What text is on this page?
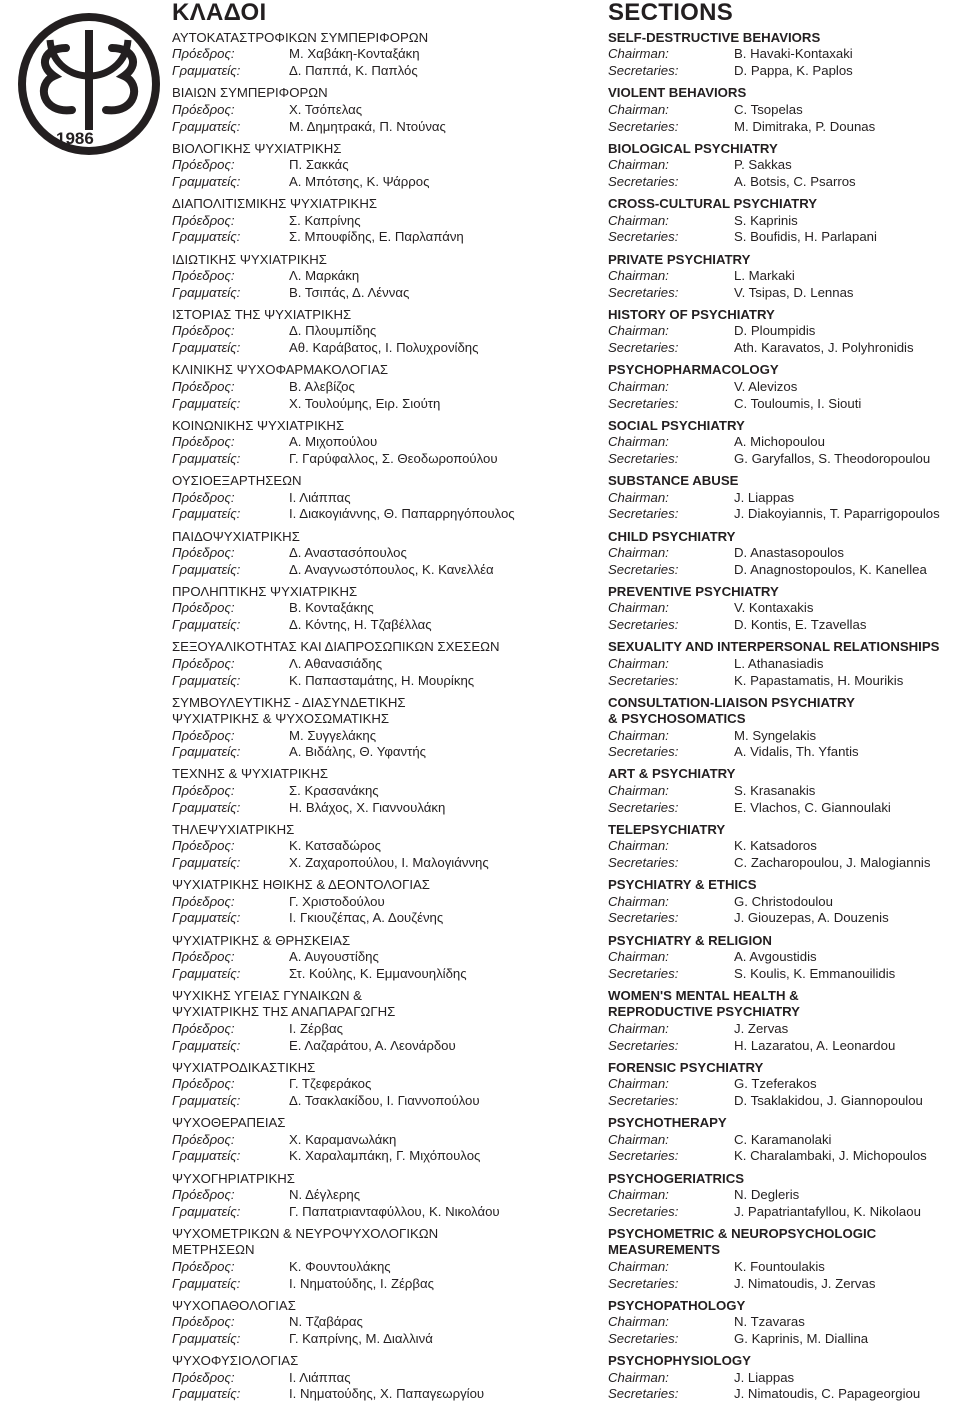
1986
ΚΛΑΔΟΙ
ΑΥΤΟΚΑΤΑΣΤΡΟΦΙΚΩΝ ΣΥΜΠΕΡΙΦΟΡΩΝ
Πρόεδρος:	Μ. Χαβάκη-Κονταξάκη
Γραμματείς:	Δ. Παππά, Κ. Παπλός
ΒΙΑΙΩΝ ΣΥΜΠΕΡΙΦΟΡΩΝ
Πρόεδρος:	Χ. Τσόπελας
Γραμματείς:	Μ. Δημητρακά, Π. Ντούνας
ΒΙΟΛΟΓΙΚΗΣ ΨΥΧΙΑΤΡΙΚΗΣ
Πρόεδρος:	Π. Σακκάς
Γραμματείς:	Α. Μπότσης, Κ. Ψάρρος
ΔΙΑΠΟΛΙΤΙΣΜΙΚΗΣ ΨΥΧΙΑΤΡΙΚΗΣ
Πρόεδρος:	Σ. Καπρίνης
Γραμματείς:	Σ. Μπουφίδης, Ε. Παρλαπάνη
ΙΔΙΩΤΙΚΗΣ ΨΥΧΙΑΤΡΙΚΗΣ
Πρόεδρος:	Λ. Μαρκάκη
Γραμματείς:	Β. Τσιπάς, Δ. Λέννας
ΙΣΤΟΡΙΑΣ ΤΗΣ ΨΥΧΙΑΤΡΙΚΗΣ
Πρόεδρος:	Δ. Πλουμπίδης
Γραμματείς:	Αθ. Καράβατος, Ι. Πολυχρονίδης
ΚΛΙΝΙΚΗΣ ΨΥΧΟΦΑΡΜΑΚΟΛΟΓΙΑΣ
Πρόεδρος:	Β. Αλεβίζος
Γραμματείς:	Χ. Τουλούμης, Ειρ. Σιούτη
ΚΟΙΝΩΝΙΚΗΣ ΨΥΧΙΑΤΡΙΚΗΣ
Πρόεδρος:	Α. Μιχοπούλου
Γραμματείς:	Γ. Γαρύφαλλος, Σ. Θεοδωροπούλου
ΟΥΣΙΟΕΞΑΡΤΗΣΕΩΝ
Πρόεδρος:	Ι. Λιάππας
Γραμματείς:	Ι. Διακογιάννης, Θ. Παπαρρηγόπουλος
ΠΑΙΔΟΨΥΧΙΑΤΡΙΚΗΣ
Πρόεδρος:	Δ. Αναστασόπουλος
Γραμματείς:	Δ. Αναγνωστόπουλος, Κ. Κανελλέα
ΠΡΟΛΗΠΤΙΚΗΣ ΨΥΧΙΑΤΡΙΚΗΣ
Πρόεδρος:	Β. Κονταξάκης
Γραμματείς:	Δ. Κόντης, Η. Τζαβέλλας
ΣΕΞΟΥΑΛΙΚΟΤΗΤΑΣ ΚΑΙ ΔΙΑΠΡΟΣΩΠΙΚΩΝ ΣΧΕΣΕΩΝ
Πρόεδρος:	Λ. Αθανασιάδης
Γραμματείς:	Κ. Παπασταμάτης, Η. Μουρίκης
ΣΥΜΒΟΥΛΕΥΤΙΚΗΣ - ΔΙΑΣΥΝΔΕΤΙΚΗΣ
ΨΥΧΙΑΤΡΙΚΗΣ & ΨΥΧΟΣΩΜΑΤΙΚΗΣ
Πρόεδρος:	Μ. Συγγελάκης
Γραμματείς:	Α. Βιδάλης, Θ. Υφαντής
ΤΕΧΝΗΣ & ΨΥΧΙΑΤΡΙΚΗΣ
Πρόεδρος:	Σ. Κρασανάκης
Γραμματείς:	Η. Βλάχος, Χ. Γιαννουλάκη
ΤΗΛΕΨΥΧΙΑΤΡΙΚΗΣ
Πρόεδρος:	Κ. Κατσαδώρος
Γραμματείς:	Χ. Ζαχαροπούλου, Ι. Μαλογιάννης
ΨΥΧΙΑΤΡΙΚΗΣ ΗΘΙΚΗΣ & ΔΕΟΝΤΟΛΟΓΙΑΣ
Πρόεδρος:	Γ. Χριστοδούλου
Γραμματείς:	Ι. Γκιουζέπας, Α. Δουζένης
ΨΥΧΙΑΤΡΙΚΗΣ & ΘΡΗΣΚΕΙΑΣ
Πρόεδρος:	Α. Αυγουστίδης
Γραμματείς:	Στ. Κούλης, Κ. Εμμανουηλίδης
ΨΥΧΙΚΗΣ ΥΓΕΙΑΣ ΓΥΝΑΙΚΩΝ &
ΨΥΧΙΑΤΡΙΚΗΣ ΤΗΣ ΑΝΑΠΑΡΑΓΩΓΗΣ
Πρόεδρος:	Ι. Ζέρβας
Γραμματείς:	Ε. Λαζαράτου, Α. Λεονάρδου
ΨΥΧΙΑΤΡΟΔΙΚΑΣΤΙΚΗΣ
Πρόεδρος:	Γ. Τζεφεράκος
Γραμματείς:	Δ. Τσακλακίδου, Ι. Γιαννοπούλου
ΨΥΧΟΘΕΡΑΠΕΙΑΣ
Πρόεδρος:	Χ. Καραμανωλάκη
Γραμματείς:	Κ. Χαραλαμπάκη, Γ. Μιχόπουλος
ΨΥΧΟΓΗΡΙΑΤΡΙΚΗΣ
Πρόεδρος:	Ν. Δέγλερης
Γραμματείς:	Γ. Παπατριανταφύλλου, Κ. Νικολάου
ΨΥΧΟΜΕΤΡΙΚΩΝ & ΝΕΥΡΟΨΥΧΟΛΟΓΙΚΩΝ
ΜΕΤΡΗΣΕΩΝ
Πρόεδρος:	Κ. Φουντουλάκης
Γραμματείς:	Ι. Νηματούδης, Ι. Ζέρβας
ΨΥΧΟΠΑΘΟΛΟΓΙΑΣ
Πρόεδρος:	Ν. Τζαβάρας
Γραμματείς:	Γ. Καπρίνης, Μ. Διαλλινά
ΨΥΧΟΦΥΣΙΟΛΟΓΙΑΣ
Πρόεδρος:	Ι. Λιάππας
Γραμματείς:	Ι. Νηματούδης, Χ. Παπαγεωργίου
SECTIONS
SELF-DESTRUCTIVE BEHAVIORS
Chairman:	B. Havaki-Kontaxaki
Secretaries:	D. Pappa, K. Paplos
VIOLENT BEHAVIORS
Chairman:	C. Tsopelas
Secretaries:	M. Dimitraka, P. Dounas
BIOLOGICAL PSYCHIATRY
Chairman:	P. Sakkas
Secretaries:	A. Botsis, C. Psarros
CROSS-CULTURAL PSYCHIATRY
Chairman:	S. Kaprinis
Secretaries:	S. Boufidis, H. Parlapani
PRIVATE PSYCHIATRY
Chairman:	L. Markaki
Secretaries:	V. Tsipas, D. Lennas
HISTORY OF PSYCHIATRY
Chairman:	D. Ploumpidis
Secretaries:	Ath. Karavatos, J. Polyhronidis
PSYCHOPHARMACOLOGY
Chairman:	V. Alevizos
Secretaries:	C. Touloumis, I. Siouti
SOCIAL PSYCHIATRY
Chairman:	A. Michopoulou
Secretaries:	G. Garyfallos, S. Theodoropoulou
SUBSTANCE ABUSE
Chairman:	J. Liappas
Secretaries:	J. Diakoyiannis, T. Paparrigopoulos
CHILD PSYCHIATRY
Chairman:	D. Anastasopoulos
Secretaries:	D. Anagnostopoulos, K. Kanellea
PREVENTIVE PSYCHIATRY
Chairman:	V. Kontaxakis
Secretaries:	D. Kontis, E. Tzavellas
SEXUALITY AND INTERPERSONAL RELATIONSHIPS
Chairman:	L. Athanasiadis
Secretaries:	K. Papastamatis, H. Mourikis
CONSULTATION-LIAISON PSYCHIATRY
& PSYCHOSOMATICS
Chairman:	M. Syngelakis
Secretaries:	A. Vidalis, Th. Yfantis
ART & PSYCHIATRY
Chairman:	S. Krasanakis
Secretaries:	E. Vlachos, C. Giannoulaki
TELEPSYCHIATRY
Chairman:	K. Katsadoros
Secretaries:	C. Zacharopoulou, J. Malogiannis
PSYCHIATRY & ETHICS
Chairman:	G. Christodoulou
Secretaries:	J. Giouzepas, A. Douzenis
PSYCHIATRY & RELIGION
Chairman:	A. Avgoustidis
Secretaries:	S. Koulis, K. Emmanouilidis
WOMEN'S MENTAL HEALTH &
REPRODUCTIVE PSYCHIATRY
Chairman:	J. Zervas
Secretaries:	H. Lazaratou, A. Leonardou
FORENSIC PSYCHIATRY
Chairman:	G. Tzeferakos
Secretaries:	D. Tsaklakidou, J. Giannopoulou
PSYCHOTHERAPY
Chairman:	C. Karamanolaki
Secretaries:	K. Charalambaki, J. Michopoulos
PSYCHOGERIATRICS
Chairman:	N. Degleris
Secretaries:	J. Papatriantafyllou, K. Nikolaou
PSYCHOMETRIC & NEUROPSYCHOLOGIC
MEASUREMENTS
Chairman:	K. Fountoulakis
Secretaries:	J. Nimatoudis, J. Zervas
PSYCHOPATHOLOGY
Chairman:	N. Tzavaras
Secretaries:	G. Kaprinis, M. Diallina
PSYCHOPHYSIOLOGY
Chairman:	J. Liappas
Secretaries:	J. Nimatoudis, C. Papageorgiou
